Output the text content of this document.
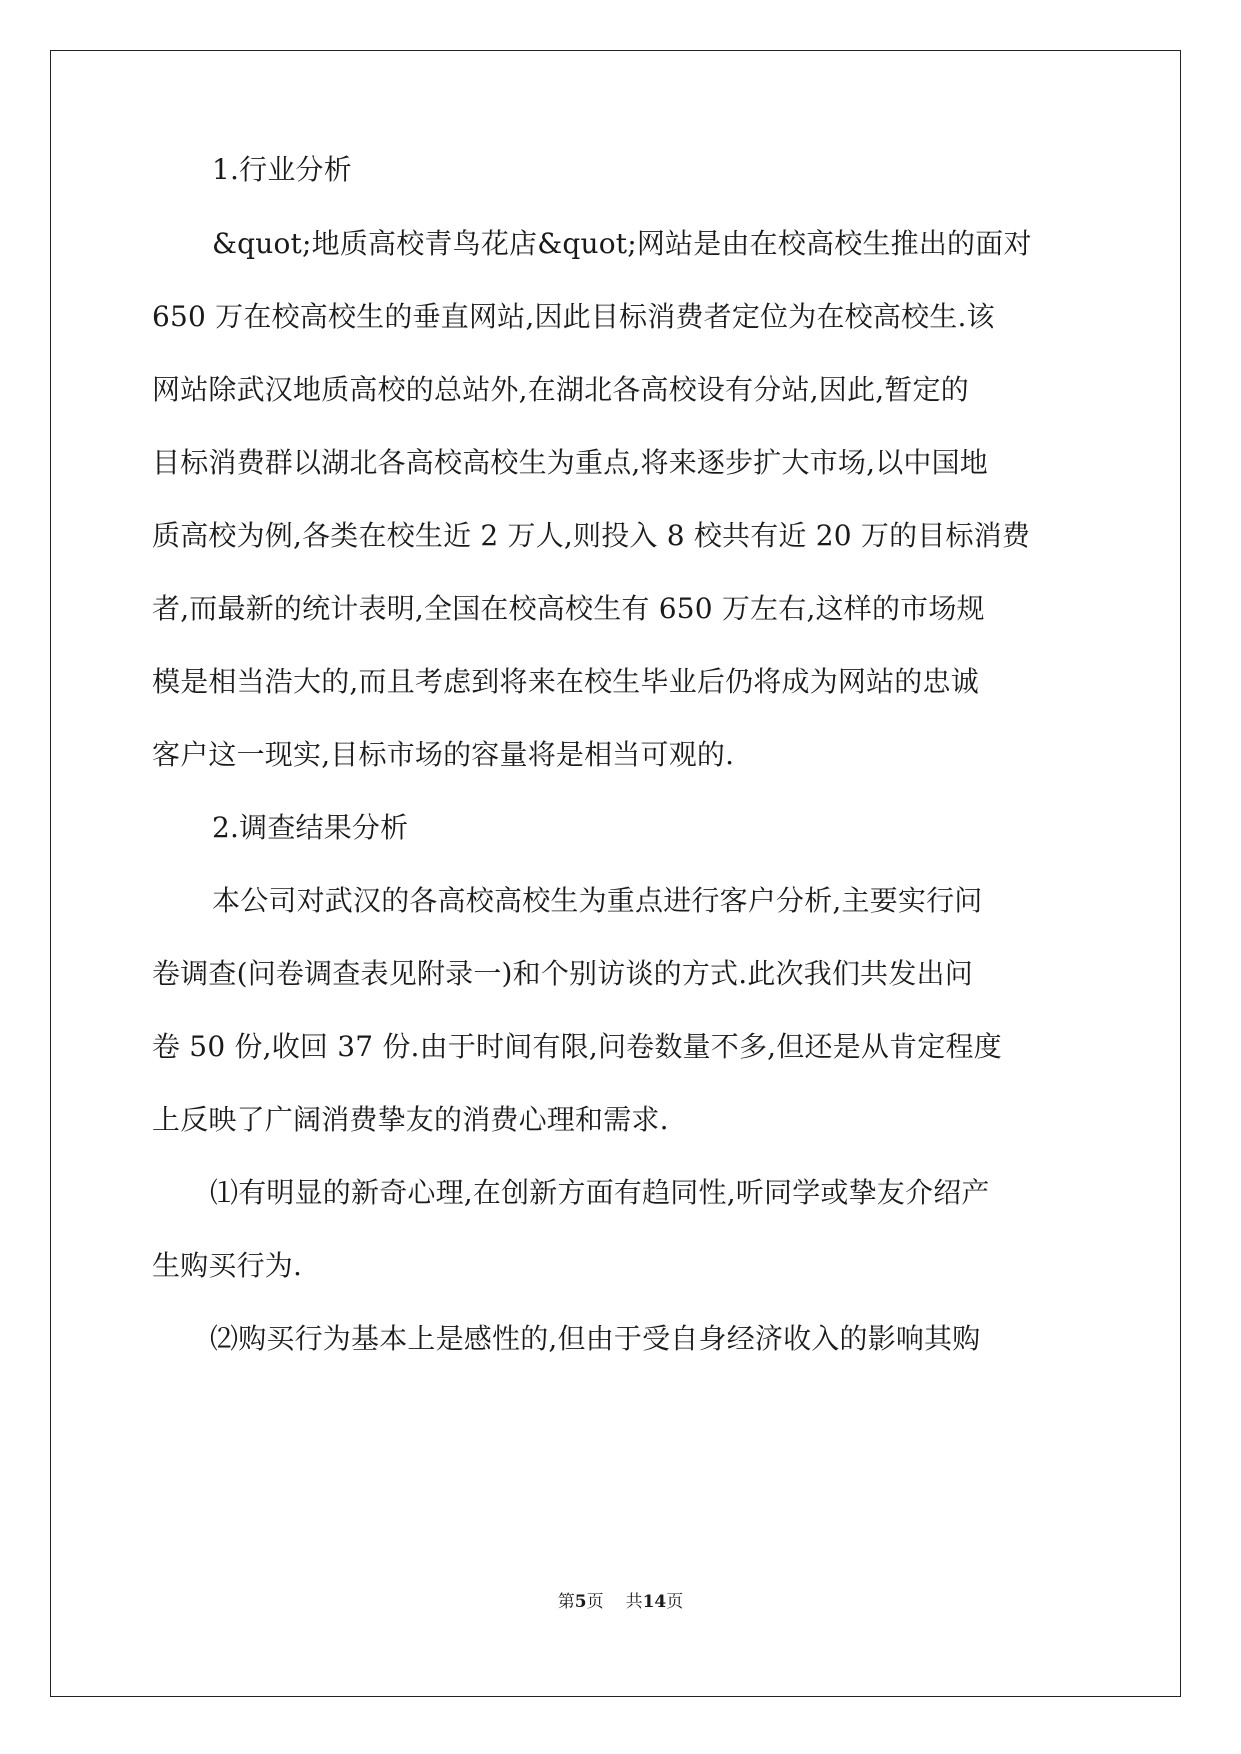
1.行业分析

&quot;地质高校青鸟花店&quot;网站是由在校高校生推出的面对

650 万在校高校生的垂直网站,因此目标消费者定位为在校高校生.该

网站除武汉地质高校的总站外,在湖北各高校设有分站,因此,暂定的

目标消费群以湖北各高校高校生为重点,将来逐步扩大市场,以中国地

质高校为例,各类在校生近 2 万人,则投入 8 校共有近 20 万的目标消费

者,而最新的统计表明,全国在校高校生有 650 万左右,这样的市场规

模是相当浩大的,而且考虑到将来在校生毕业后仍将成为网站的忠诚

客户这一现实,目标市场的容量将是相当可观的.

2.调查结果分析

本公司对武汉的各高校高校生为重点进行客户分析,主要实行问

卷调查(问卷调查表见附录一)和个别访谈的方式.此次我们共发出问

卷 50 份,收回 37 份.由于时间有限,问卷数量不多,但还是从肯定程度

上反映了广阔消费挚友的消费心理和需求.

⑴有明显的新奇心理,在创新方面有趋同性,听同学或挚友介绍产

生购买行为.

⑵购买行为基本上是感性的,但由于受自身经济收入的影响其购

第5页 共14页
